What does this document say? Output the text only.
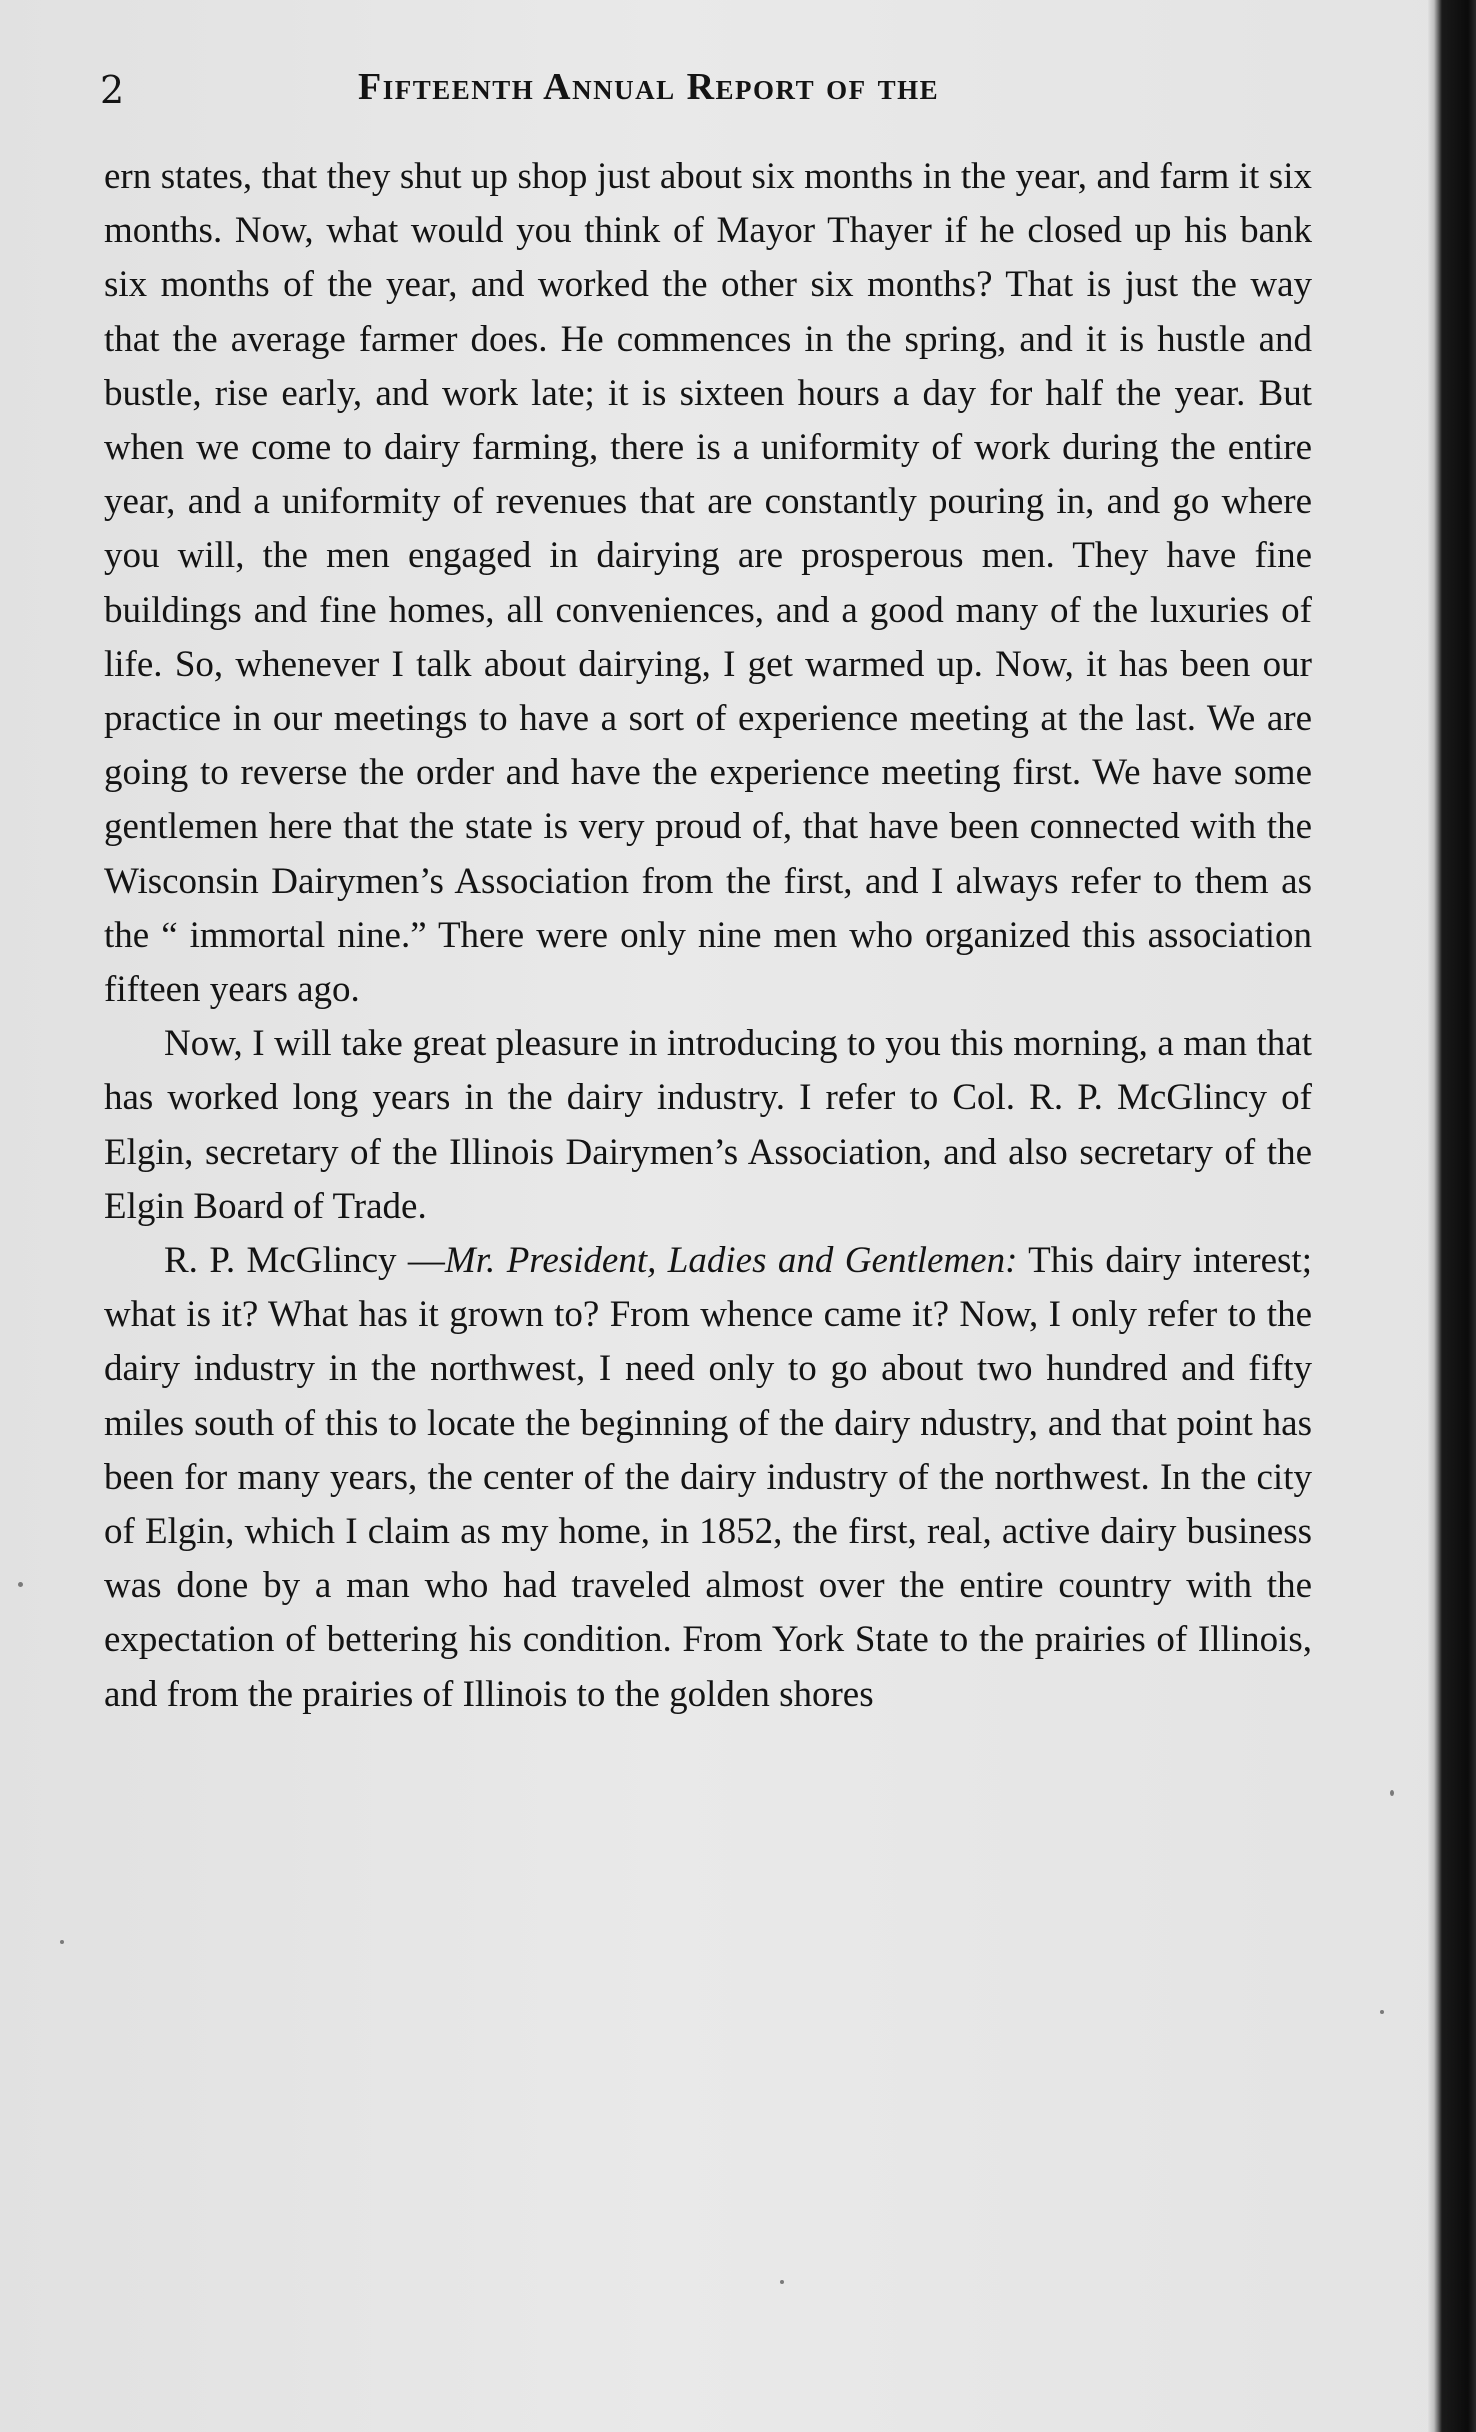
2	Fifteenth Annual Report of the

ern states, that they shut up shop just about six months in the year, and farm it six months. Now, what would you think of Mayor Thayer if he closed up his bank six months of the year, and worked the other six months? That is just the way that the average farmer does. He commences in the spring, and it is hustle and bustle, rise early, and work late; it is sixteen hours a day for half the year. But when we come to dairy farming, there is a uniformity of work during the entire year, and a uniformity of revenues that are constantly pouring in, and go where you will, the men engaged in dairying are prosperous men. They have fine buildings and fine homes, all conveniences, and a good many of the luxuries of life. So, whenever I talk about dairying, I get warmed up. Now, it has been our practice in our meetings to have a sort of experience meeting at the last. We are going to reverse the order and have the experience meeting first. We have some gentlemen here that the state is very proud of, that have been connected with the Wisconsin Dairymen’s Association from the first, and I always refer to them as the “ immortal nine.” There were only nine men who organized this association fifteen years ago.

Now, I will take great pleasure in introducing to you this morning, a man that has worked long years in the dairy industry. I refer to Col. R. P. McGlincy of Elgin, secretary of the Illinois Dairymen’s Association, and also secretary of the Elgin Board of Trade.

R. P. McGlincy —Mr. President, Ladies and Gentlemen: This dairy interest; what is it? What has it grown to? From whence came it? Now, I only refer to the dairy industry in the northwest, I need only to go about two hundred and fifty miles south of this to locate the beginning of the dairy ndustry, and that point has been for many years, the center of the dairy industry of the northwest. In the city of Elgin, which I claim as my home, in 1852, the first, real, active dairy business was done by a man who had traveled almost over the entire country with the expectation of bettering his condition. From York State to the prairies of Illinois, and from the prairies of Illinois to the golden shores
